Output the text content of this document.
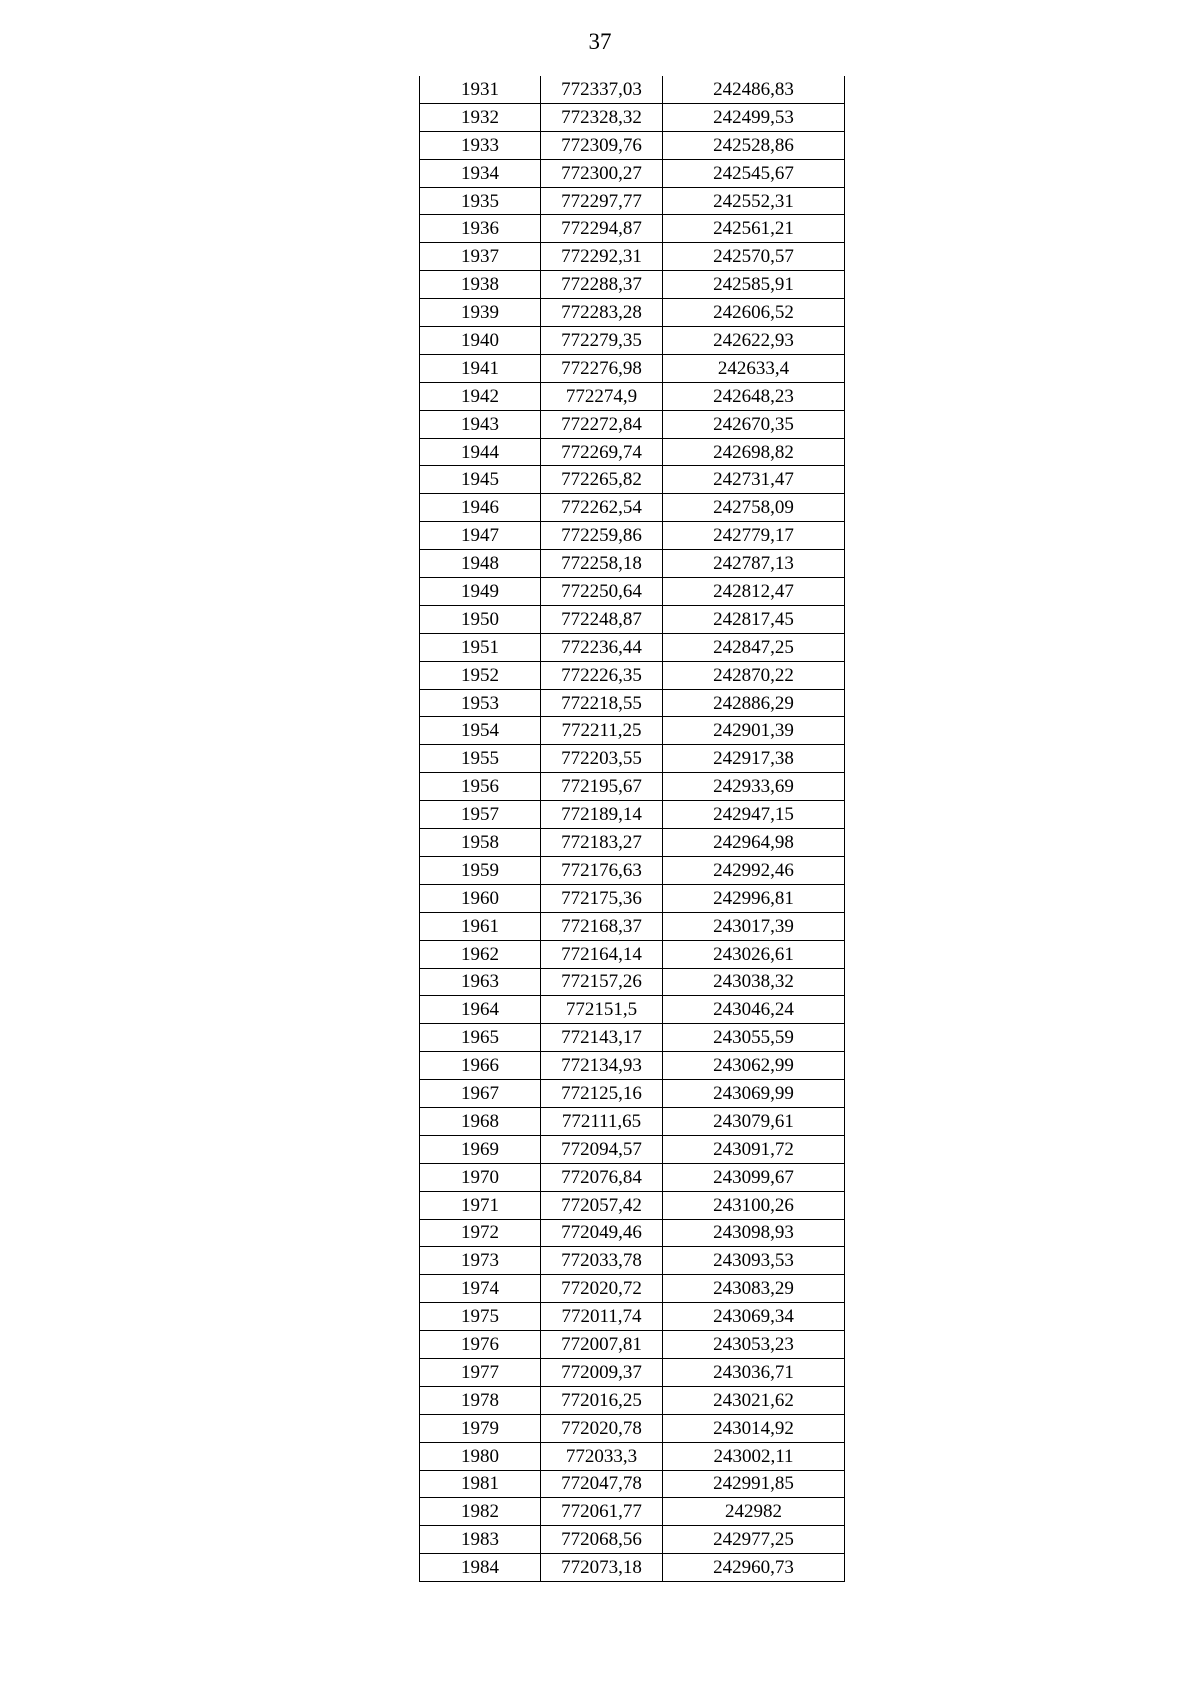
37
1931	772337,03	242486,83
1932	772328,32	242499,53
1933	772309,76	242528,86
1934	772300,27	242545,67
1935	772297,77	242552,31
1936	772294,87	242561,21
1937	772292,31	242570,57
1938	772288,37	242585,91
1939	772283,28	242606,52
1940	772279,35	242622,93
1941	772276,98	242633,4
1942	772274,9	242648,23
1943	772272,84	242670,35
1944	772269,74	242698,82
1945	772265,82	242731,47
1946	772262,54	242758,09
1947	772259,86	242779,17
1948	772258,18	242787,13
1949	772250,64	242812,47
1950	772248,87	242817,45
1951	772236,44	242847,25
1952	772226,35	242870,22
1953	772218,55	242886,29
1954	772211,25	242901,39
1955	772203,55	242917,38
1956	772195,67	242933,69
1957	772189,14	242947,15
1958	772183,27	242964,98
1959	772176,63	242992,46
1960	772175,36	242996,81
1961	772168,37	243017,39
1962	772164,14	243026,61
1963	772157,26	243038,32
1964	772151,5	243046,24
1965	772143,17	243055,59
1966	772134,93	243062,99
1967	772125,16	243069,99
1968	772111,65	243079,61
1969	772094,57	243091,72
1970	772076,84	243099,67
1971	772057,42	243100,26
1972	772049,46	243098,93
1973	772033,78	243093,53
1974	772020,72	243083,29
1975	772011,74	243069,34
1976	772007,81	243053,23
1977	772009,37	243036,71
1978	772016,25	243021,62
1979	772020,78	243014,92
1980	772033,3	243002,11
1981	772047,78	242991,85
1982	772061,77	242982
1983	772068,56	242977,25
1984	772073,18	242960,73
